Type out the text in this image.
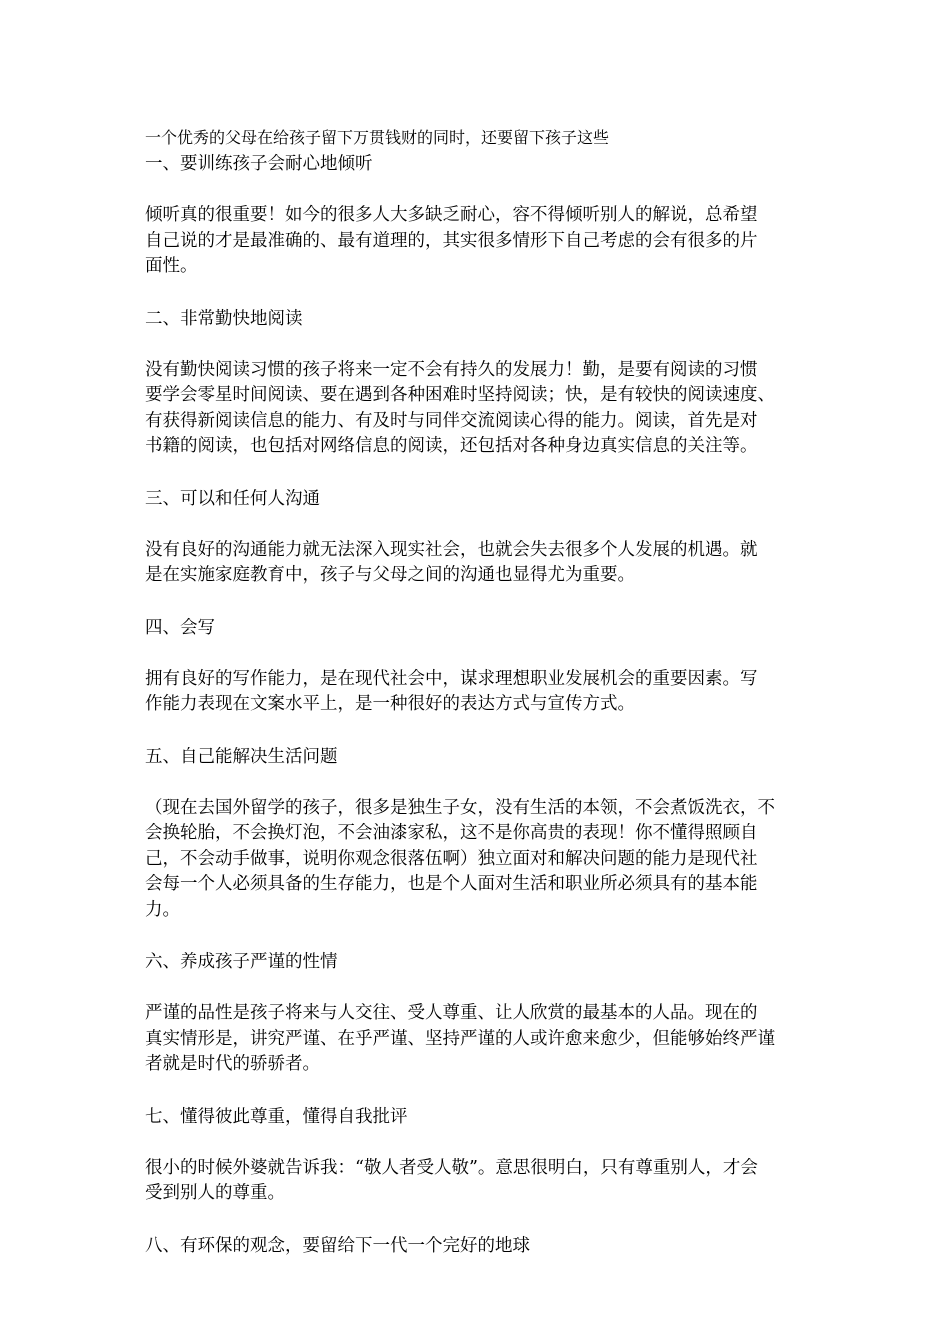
一个优秀的父母在给孩子留下万贯钱财的同时，还要留下孩子这些

一、要训练孩子会耐心地倾听

倾听真的很重要！如今的很多人大多缺乏耐心，容不得倾听别人的解说，总希望
自己说的才是最准确的、最有道理的，其实很多情形下自己考虑的会有很多的片
面性。

二、非常勤快地阅读

没有勤快阅读习惯的孩子将来一定不会有持久的发展力！勤，是要有阅读的习惯
要学会零星时间阅读、要在遇到各种困难时坚持阅读；快，是有较快的阅读速度、
有获得新阅读信息的能力、有及时与同伴交流阅读心得的能力。阅读，首先是对
书籍的阅读，也包括对网络信息的阅读，还包括对各种身边真实信息的关注等。

三、可以和任何人沟通

没有良好的沟通能力就无法深入现实社会，也就会失去很多个人发展的机遇。就
是在实施家庭教育中，孩子与父母之间的沟通也显得尤为重要。

四、会写

拥有良好的写作能力，是在现代社会中，谋求理想职业发展机会的重要因素。写
作能力表现在文案水平上，是一种很好的表达方式与宣传方式。

五、自己能解决生活问题

（现在去国外留学的孩子，很多是独生子女，没有生活的本领，不会煮饭洗衣，不
会换轮胎，不会换灯泡，不会油漆家私，这不是你高贵的表现！你不懂得照顾自
己，不会动手做事，说明你观念很落伍啊）独立面对和解决问题的能力是现代社
会每一个人必须具备的生存能力，也是个人面对生活和职业所必须具有的基本能
力。

六、养成孩子严谨的性情

严谨的品性是孩子将来与人交往、受人尊重、让人欣赏的最基本的人品。现在的
真实情形是，讲究严谨、在乎严谨、坚持严谨的人或许愈来愈少，但能够始终严谨
者就是时代的骄骄者。

七、懂得彼此尊重，懂得自我批评

很小的时候外婆就告诉我：“敬人者受人敬”。意思很明白，只有尊重别人，才会
受到别人的尊重。

八、有环保的观念，要留给下一代一个完好的地球
